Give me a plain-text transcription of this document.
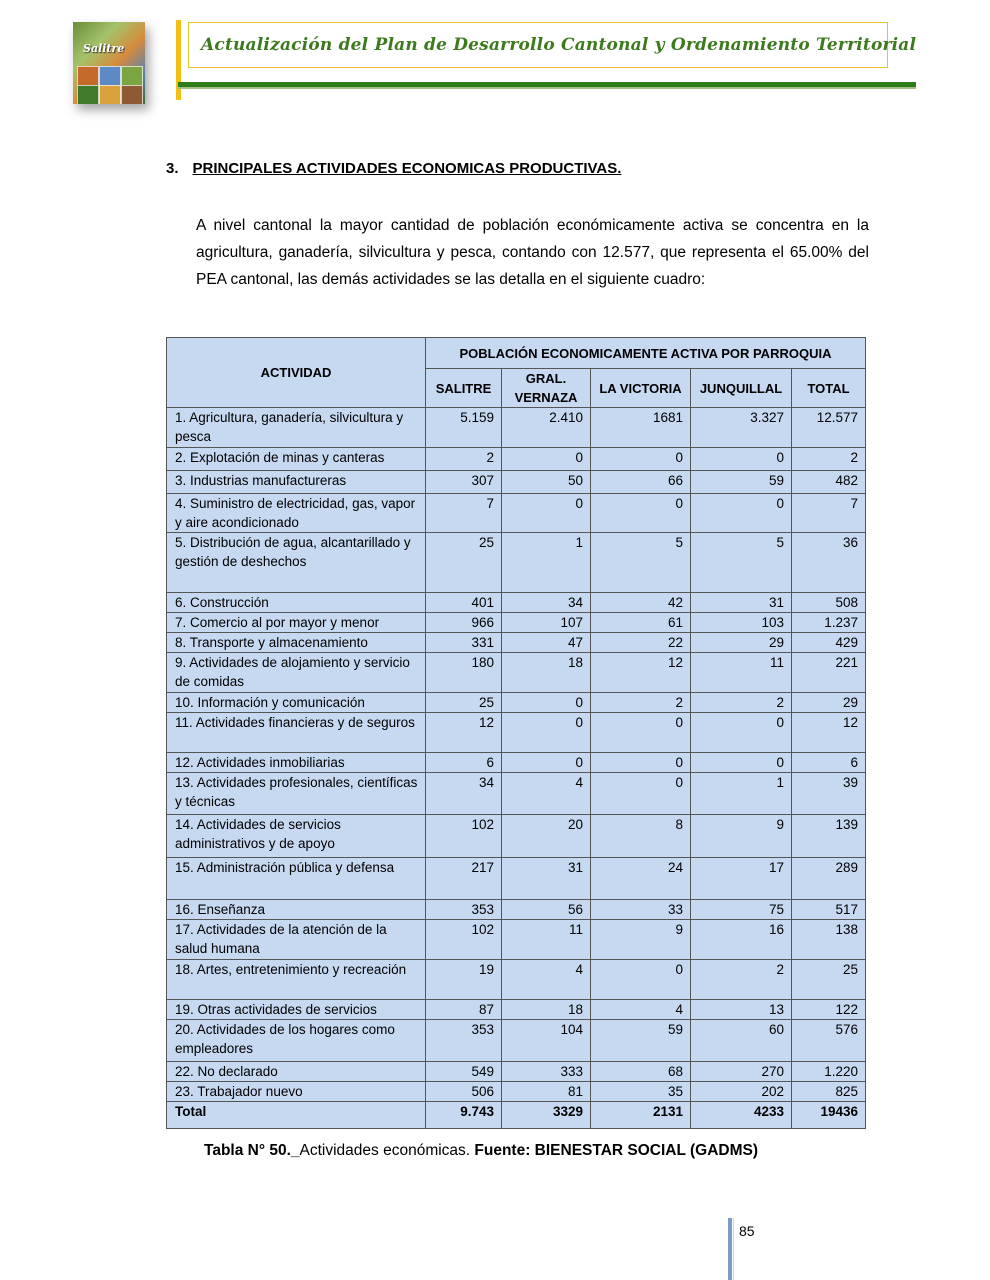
Salitre	Actualización del Plan de Desarrollo Cantonal y Ordenamiento Territorial
3. PRINCIPALES ACTIVIDADES ECONOMICAS PRODUCTIVAS.
A nivel cantonal la mayor cantidad de población económicamente activa se concentra en la agricultura, ganadería, silvicultura y pesca, contando con 12.577, que representa el 65.00% del PEA cantonal, las demás actividades se las detalla en el siguiente cuadro:
ACTIVIDAD	POBLACIÓN ECONOMICAMENTE ACTIVA POR PARROQUIA				
	SALITRE	GRAL. VERNAZA	LA VICTORIA	JUNQUILLAL	TOTAL
1. Agricultura, ganadería, silvicultura y pesca	5.159	2.410	1681	3.327	12.577
2. Explotación de minas y canteras	2	0	0	0	2
3. Industrias manufactureras	307	50	66	59	482
4. Suministro de electricidad, gas, vapor y aire acondicionado	7	0	0	0	7
5. Distribución de agua, alcantarillado y gestión de deshechos	25	1	5	5	36
6. Construcción	401	34	42	31	508
7. Comercio al por mayor y menor	966	107	61	103	1.237
8. Transporte y almacenamiento	331	47	22	29	429
9. Actividades de alojamiento y servicio de comidas	180	18	12	11	221
10. Información y comunicación	25	0	2	2	29
11. Actividades financieras y de seguros	12	0	0	0	12
12. Actividades inmobiliarias	6	0	0	0	6
13. Actividades profesionales, científicas y técnicas	34	4	0	1	39
14. Actividades de servicios administrativos y de apoyo	102	20	8	9	139
15. Administración pública y defensa	217	31	24	17	289
16. Enseñanza	353	56	33	75	517
17. Actividades de la atención de la salud humana	102	11	9	16	138
18. Artes, entretenimiento y recreación	19	4	0	2	25
19. Otras actividades de servicios	87	18	4	13	122
20. Actividades de los hogares como empleadores	353	104	59	60	576
22. No declarado	549	333	68	270	1.220
23. Trabajador nuevo	506	81	35	202	825
Total	9.743	3329	2131	4233	19436
Tabla N° 50._Actividades económicas. Fuente: BIENESTAR SOCIAL (GADMS)
85
